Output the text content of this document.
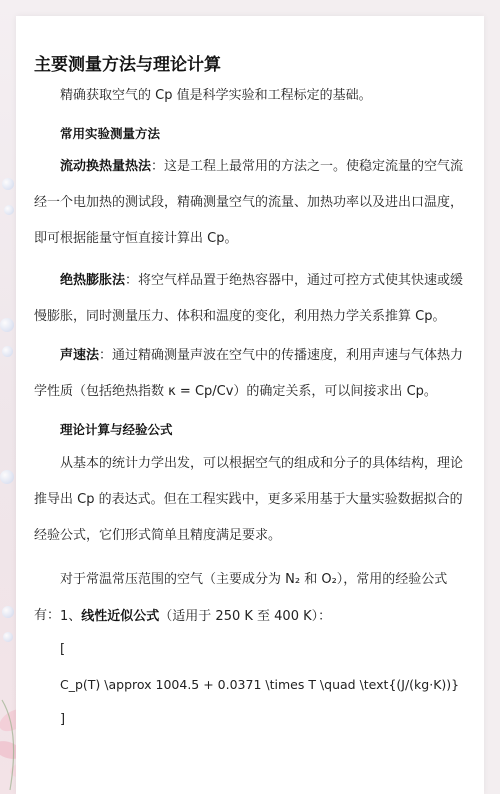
主要测量方法与理论计算
精确获取空气的 Cp 值是科学实验和工程标定的基础。
常用实验测量方法
流动换热量热法：这是工程上最常用的方法之一。使稳定流量的空气流经一个电加热的测试段，精确测量空气的流量、加热功率以及进出口温度，即可根据能量守恒直接计算出 Cp。
绝热膨胀法：将空气样品置于绝热容器中，通过可控方式使其快速或缓慢膨胀，同时测量压力、体积和温度的变化，利用热力学关系推算 Cp。
声速法：通过精确测量声波在空气中的传播速度，利用声速与气体热力学性质（包括绝热指数 κ = Cp/Cv）的确定关系，可以间接求出 Cp。
理论计算与经验公式
从基本的统计力学出发，可以根据空气的组成和分子的具体结构，理论推导出 Cp 的表达式。但在工程实践中，更多采用基于大量实验数据拟合的经验公式，它们形式简单且精度满足要求。
对于常温常压范围的空气（主要成分为 N₂ 和 O₂），常用的经验公式有： 1、线性近似公式（适用于 250 K 至 400 K）：
[
C_p(T) \approx 1004.5 + 0.0371 \times T \quad \text{(J/(kg·K))}
]
